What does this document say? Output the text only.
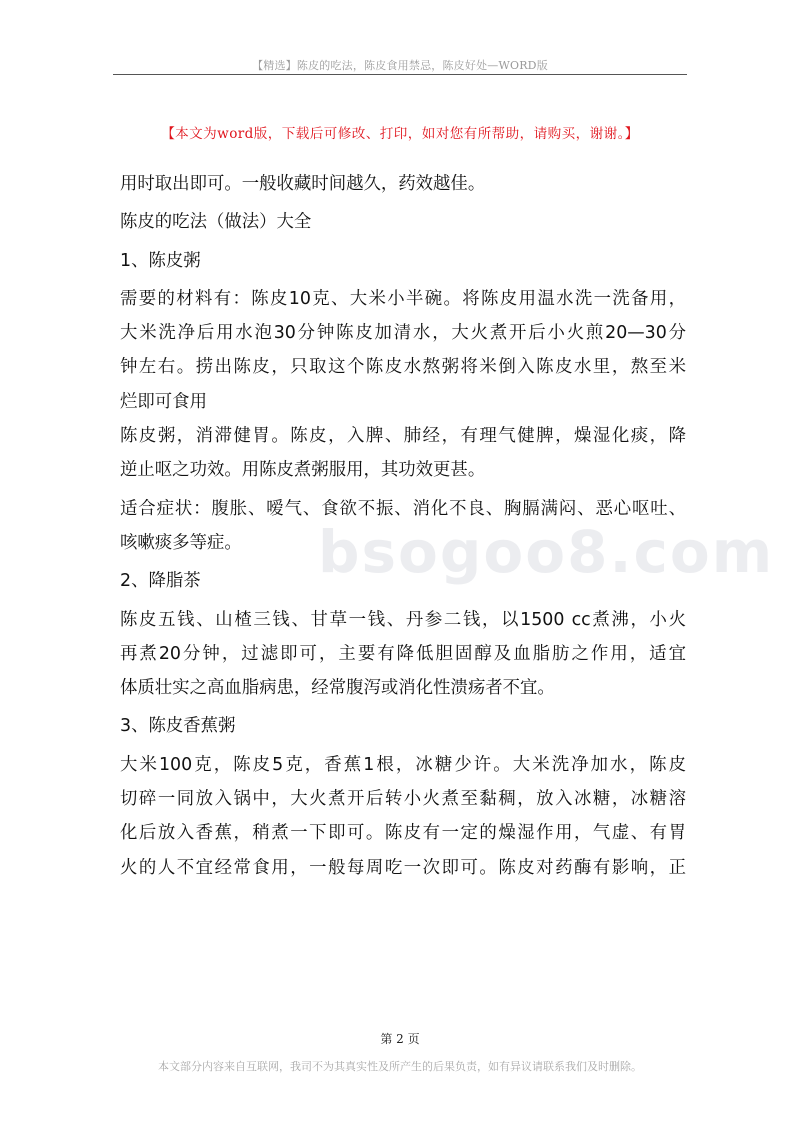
【精选】陈皮的吃法，陈皮食用禁忌，陈皮好处—WORD版
【本文为word版，下载后可修改、打印，如对您有所帮助，请购买，谢谢。】
bsogoo8.com

用时取出即可。一般收藏时间越久，药效越佳。

陈皮的吃法（做法）大全

1、陈皮粥

需要的材料有：陈皮10克、大米小半碗。将陈皮用温水洗一洗备用，
大米洗净后用水泡30分钟陈皮加清水，大火煮开后小火煎20—30分
钟左右。捞出陈皮，只取这个陈皮水熬粥将米倒入陈皮水里，熬至米
烂即可食用

陈皮粥，消滞健胃。陈皮，入脾、肺经，有理气健脾，燥湿化痰，降
逆止呕之功效。用陈皮煮粥服用，其功效更甚。

适合症状：腹胀、嗳气、食欲不振、消化不良、胸膈满闷、恶心呕吐、
咳嗽痰多等症。

2、降脂茶

陈皮五钱、山楂三钱、甘草一钱、丹参二钱，以1500 cc煮沸，小火
再煮20分钟，过滤即可，主要有降低胆固醇及血脂肪之作用，适宜
体质壮实之高血脂病患，经常腹泻或消化性溃疡者不宜。

3、陈皮香蕉粥

大米100克，陈皮5克，香蕉1根，冰糖少许。大米洗净加水，陈皮
切碎一同放入锅中，大火煮开后转小火煮至黏稠，放入冰糖，冰糖溶
化后放入香蕉，稍煮一下即可。陈皮有一定的燥湿作用，气虚、有胃
火的人不宜经常食用，一般每周吃一次即可。陈皮对药酶有影响，正

第 2 页
本文部分内容来自互联网，我司不为其真实性及所产生的后果负责，如有异议请联系我们及时删除。
